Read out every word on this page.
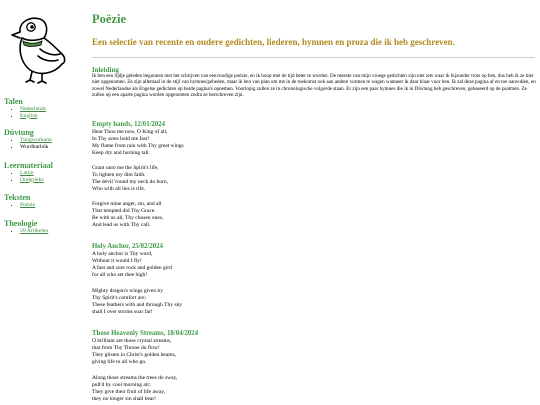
Talen
• Nederlands
• English
Dûvtung
• Tungwurkanu
• Wurdharbôk
Leermateriaal
• Latijn
• Oudgrieks
Teksten
• Poëzie
Theologie
• 39 Artikelen
Poëzie
Een selectie van recente en oudere gedichten, liederen, hymnen en proza die ik heb geschreven.
Inleiding
Ik ben een tijdje geleden begonnen met het schrijven van eenvoudige poëzie, en ik hoop met de tijd beter te worden. De meeste van mijn vroege gedichten zijn niet iets waar ik bijzonder trots op ben, dus heb ik ze hier niet opgenomen. Ze zijn allemaal in de stijl van hymnes/gebeden, maar ik ben van plan om me in de toekomst ook aan andere vormen te wagen wanneer ik daar klaar voor ben. Ik zal deze pagina af en toe aanvullen, en zowel Nederlandse als Engelse gedichten op beide pagina's opnemen. Voorlopig zullen ze in chronologische volgorde staan. Er zijn een paar hymnes die ik in Dûvtung heb geschreven, gebaseerd op de psalmen. Ze zullen op een aparte pagina worden opgenomen zodra ze herschreven zijn.
Empty hands, 12/01/2024
Hear Thou me now, O King of all,
In Thy arms hold me fast!
My flame from rain with Thy great wings
Keep dry and burning tall.
Grant unto me the Spirit's life,
To lighten my dim faith.
The devil 'round my neck do burn,
Who with all lies is rife.
Forgive mine anger, sin, and all
That tempted did Thy Grace.
Be with us all, Thy chosen ones,
And lead us with Thy call.
Holy Anchor, 25/02/2024
A holy anchor is Thy word,
Without it would I fly!
A fast and sure rock and golden gird
for all who set thee high!
Mighty dragon's wings given by
Thy Spirit's comfort are;
These feathers with and through Thy sky
shall I over storms soar far!
Those Heavenly Streams, 18/04/2024
O brilliant are those crystal streams,
that from Thy Throne do flow!
They glisten in Christ's golden beams,
giving life to all who go.
Along those streams the trees do sway,
pull'd by cool morning air;
They give their fruit of life away,
they no longer sin shall bear!
